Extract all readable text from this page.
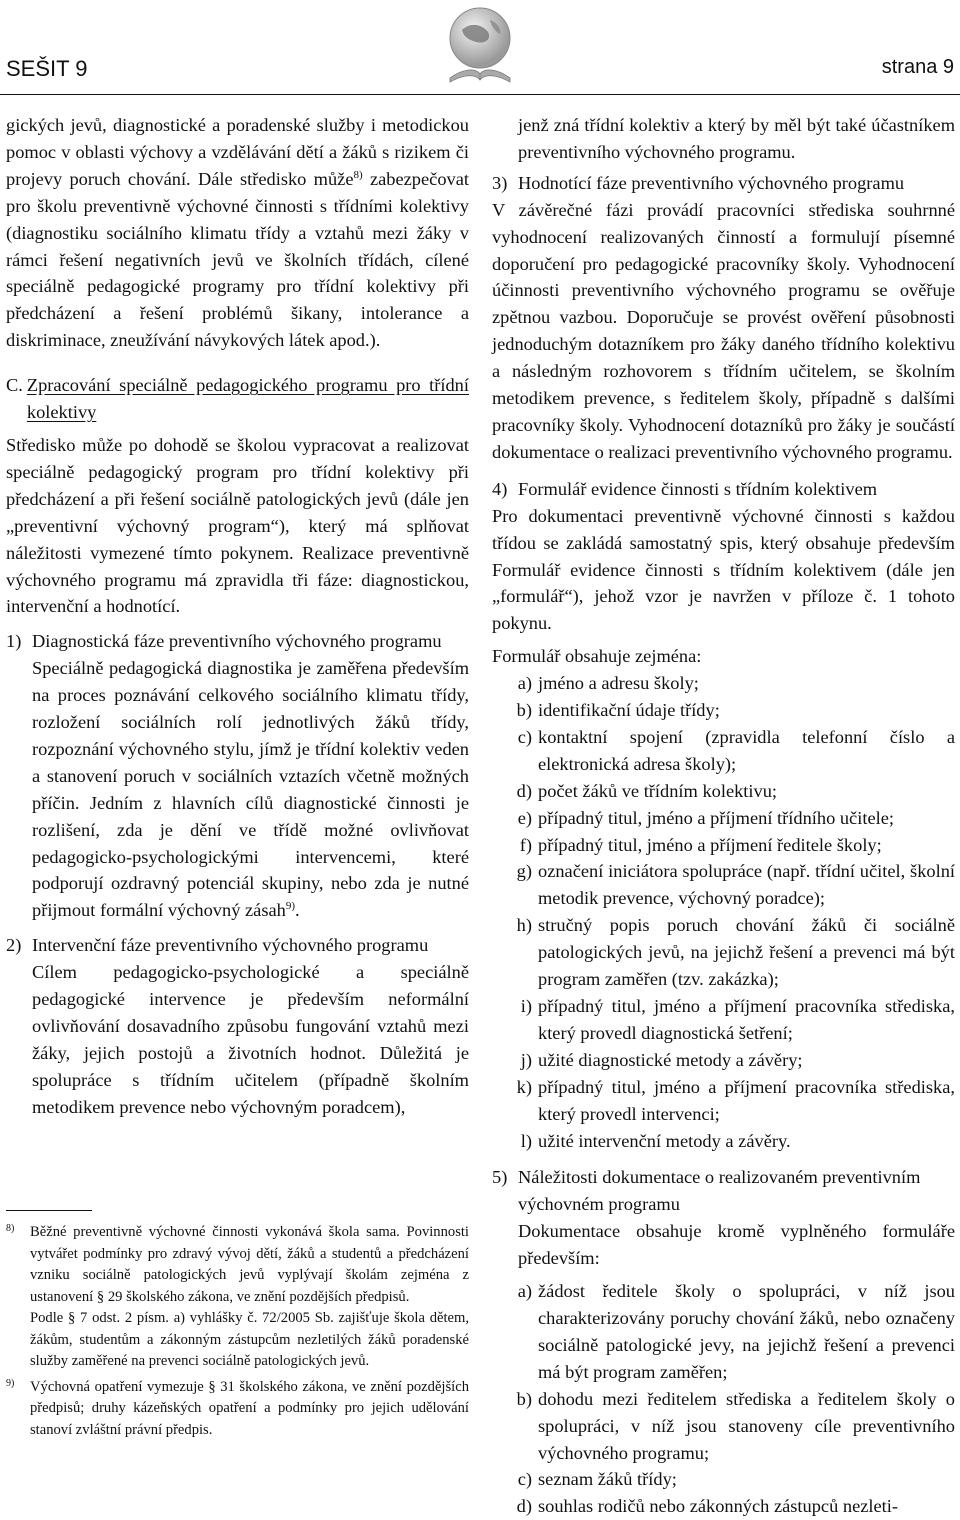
SEŠIT 9	strana 9

gických jevů, diagnostické a poradenské služby i metodickou pomoc v oblasti výchovy a vzdělávání dětí a žáků s rizikem či projevy poruch chování. Dále středisko může$^{8)}$ zabezpečovat pro školu preventivně výchovné činnosti s třídními kolektivy (diagnostiku sociálního klimatu třídy a vztahů mezi žáky v rámci řešení negativních jevů ve školních třídách, cílené speciálně pedagogické programy pro třídní kolektivy při předcházení a řešení problémů šikany, intolerance a diskriminace, zneužívání návykových látek apod.).

C. Zpracování speciálně pedagogického programu pro třídní kolektivy

Středisko může po dohodě se školou vypracovat a realizovat speciálně pedagogický program pro třídní kolektivy při předcházení a při řešení sociálně patologických jevů (dále jen „preventivní výchovný program“), který má splňovat náležitosti vymezené tímto pokynem. Realizace preventivně výchovného programu má zpravidla tři fáze: diagnostickou, intervenční a hodnotící.

1) Diagnostická fáze preventivního výchovného programu

Speciálně pedagogická diagnostika je zaměřena především na proces poznávání celkového sociálního klimatu třídy, rozložení sociálních rolí jednotlivých žáků třídy, rozpoznání výchovného stylu, jímž je třídní kolektiv veden a stanovení poruch v sociálních vztazích včetně možných příčin. Jedním z hlavních cílů diagnostické činnosti je rozlišení, zda je dění ve třídě možné ovlivňovat pedagogicko-psychologickými intervencemi, které podporují ozdravný potenciál skupiny, nebo zda je nutné přijmout formální výchovný zásah$^{9)}$.

2) Intervenční fáze preventivního výchovného programu

Cílem pedagogicko-psychologické a speciálně pedagogické intervence je především neformální ovlivňování dosavadního způsobu fungování vztahů mezi žáky, jejich postojů a životních hodnot. Důležitá je spolupráce s třídním učitelem (případně školním metodikem prevence nebo výchovným poradcem),

8)	Běžné preventivně výchovné činnosti vykonává škola sama. Povinnosti vytvářet podmínky pro zdravý vývoj dětí, žáků a studentů a předcházení vzniku sociálně patologických jevů vyplývají školám zejména z ustanovení § 29 školského zákona, ve znění pozdějších předpisů.

Podle § 7 odst. 2 písm. a) vyhlášky č. 72/2005 Sb. zajišťuje škola dětem, žákům, studentům a zákonným zástupcům nezletilých žáků poradenské služby zaměřené na prevenci sociálně patologických jevů.

9)	Výchovná opatření vymezuje § 31 školského zákona, ve znění pozdějších předpisů; druhy kázeňských opatření a podmínky pro jejich udělování stanoví zvláštní právní předpis.

jenž zná třídní kolektiv a který by měl být také účastníkem preventivního výchovného programu.

3) Hodnotící fáze preventivního výchovného programu

V závěrečné fázi provádí pracovníci střediska souhrnné vyhodnocení realizovaných činností a formulují písemné doporučení pro pedagogické pracovníky školy. Vyhodnocení účinnosti preventivního výchovného programu se ověřuje zpětnou vazbou. Doporučuje se provést ověření působnosti jednoduchým dotazníkem pro žáky daného třídního kolektivu a následným rozhovorem s třídním učitelem, se školním metodikem prevence, s ředitelem školy, případně s dalšími pracovníky školy. Vyhodnocení dotazníků pro žáky je součástí dokumentace o realizaci preventivního výchovného programu.

4) Formulář evidence činnosti s třídním kolektivem

Pro dokumentaci preventivně výchovné činnosti s každou třídou se zakládá samostatný spis, který obsahuje především Formulář evidence činnosti s třídním kolektivem (dále jen „formulář“), jehož vzor je navržen v příloze č. 1 tohoto pokynu.

Formulář obsahuje zejména:

a) jméno a adresu školy;
b) identifikační údaje třídy;
c) kontaktní spojení (zpravidla telefonní číslo a elektronická adresa školy);
d) počet žáků ve třídním kolektivu;
e) případný titul, jméno a příjmení třídního učitele;
f) případný titul, jméno a příjmení ředitele školy;
g) označení iniciátora spolupráce (např. třídní učitel, školní metodik prevence, výchovný poradce);
h) stručný popis poruch chování žáků či sociálně patologických jevů, na jejichž řešení a prevenci má být program zaměřen (tzv. zakázka);
i) případný titul, jméno a příjmení pracovníka střediska, který provedl diagnostická šetření;
j) užité diagnostické metody a závěry;
k) případný titul, jméno a příjmení pracovníka střediska, který provedl intervenci;
l) užité intervenční metody a závěry.
5) Náležitosti dokumentace o realizovaném preventivním výchovném programu

Dokumentace obsahuje kromě vyplněného formuláře především:

a) žádost ředitele školy o spolupráci, v níž jsou charakterizovány poruchy chování žáků, nebo označeny sociálně patologické jevy, na jejichž řešení a prevenci má být program zaměřen;
b) dohodu mezi ředitelem střediska a ředitelem školy o spolupráci, v níž jsou stanoveny cíle preventivního výchovného programu;
c) seznam žáků třídy;
d) souhlas rodičů nebo zákonných zástupců nezleti-
